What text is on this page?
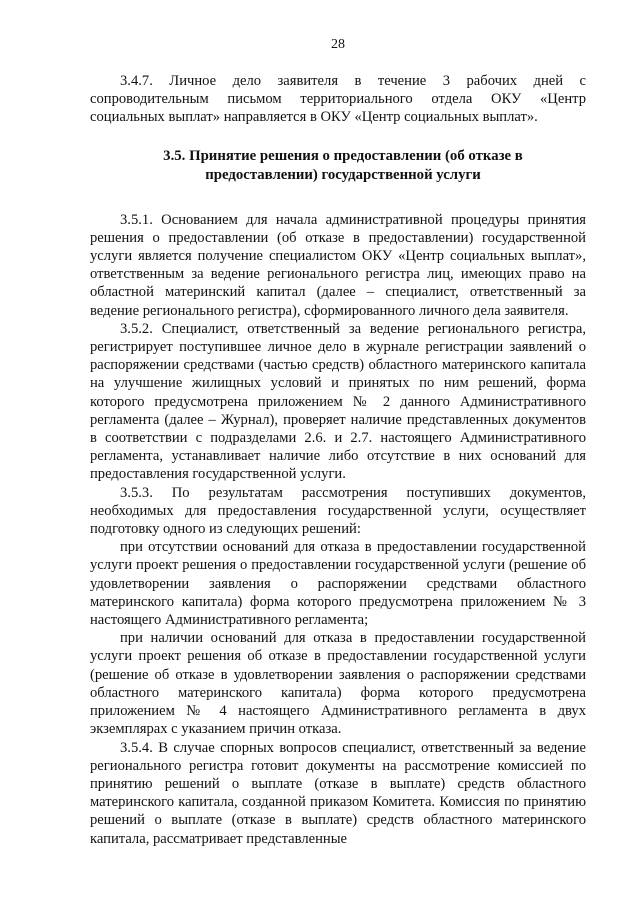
28

3.4.7. Личное дело заявителя в течение 3 рабочих дней с сопроводительным письмом территориального отдела ОКУ «Центр социальных выплат» направляется в ОКУ «Центр социальных выплат».

3.5. Принятие решения о предоставлении (об отказе в
предоставлении) государственной услуги

3.5.1. Основанием для начала административной процедуры принятия решения о предоставлении (об отказе в предоставлении) государственной услуги является получение специалистом ОКУ «Центр социальных выплат», ответственным за ведение регионального регистра лиц, имеющих право на областной материнский капитал (далее – специалист, ответственный за ведение регионального регистра), сформированного личного дела заявителя.

3.5.2. Специалист, ответственный за ведение регионального регистра, регистрирует поступившее личное дело в журнале регистрации заявлений о распоряжении средствами (частью средств) областного материнского капитала на улучшение жилищных условий и принятых по ним решений, форма которого предусмотрена приложением № 2 данного Административного регламента (далее – Журнал), проверяет наличие представленных документов в соответствии с подразделами 2.6. и 2.7. настоящего Административного регламента, устанавливает наличие либо отсутствие в них оснований для предоставления государственной услуги.

3.5.3. По результатам рассмотрения поступивших документов, необходимых для предоставления государственной услуги, осуществляет подготовку одного из следующих решений:

при отсутствии оснований для отказа в предоставлении государственной услуги проект решения о предоставлении государственной услуги (решение об удовлетворении заявления о распоряжении средствами областного материнского капитала) форма которого предусмотрена приложением № 3 настоящего Административного регламента;

при наличии оснований для отказа в предоставлении государственной услуги проект решения об отказе в предоставлении государственной услуги (решение об отказе в удовлетворении заявления о распоряжении средствами областного материнского капитала) форма которого предусмотрена приложением № 4 настоящего Административного регламента в двух экземплярах с указанием причин отказа.

3.5.4. В случае спорных вопросов специалист, ответственный за ведение регионального регистра готовит документы на рассмотрение комиссией по принятию решений о выплате (отказе в выплате) средств областного материнского капитала, созданной приказом Комитета. Комиссия по принятию решений о выплате (отказе в выплате) средств областного материнского капитала, рассматривает представленные
